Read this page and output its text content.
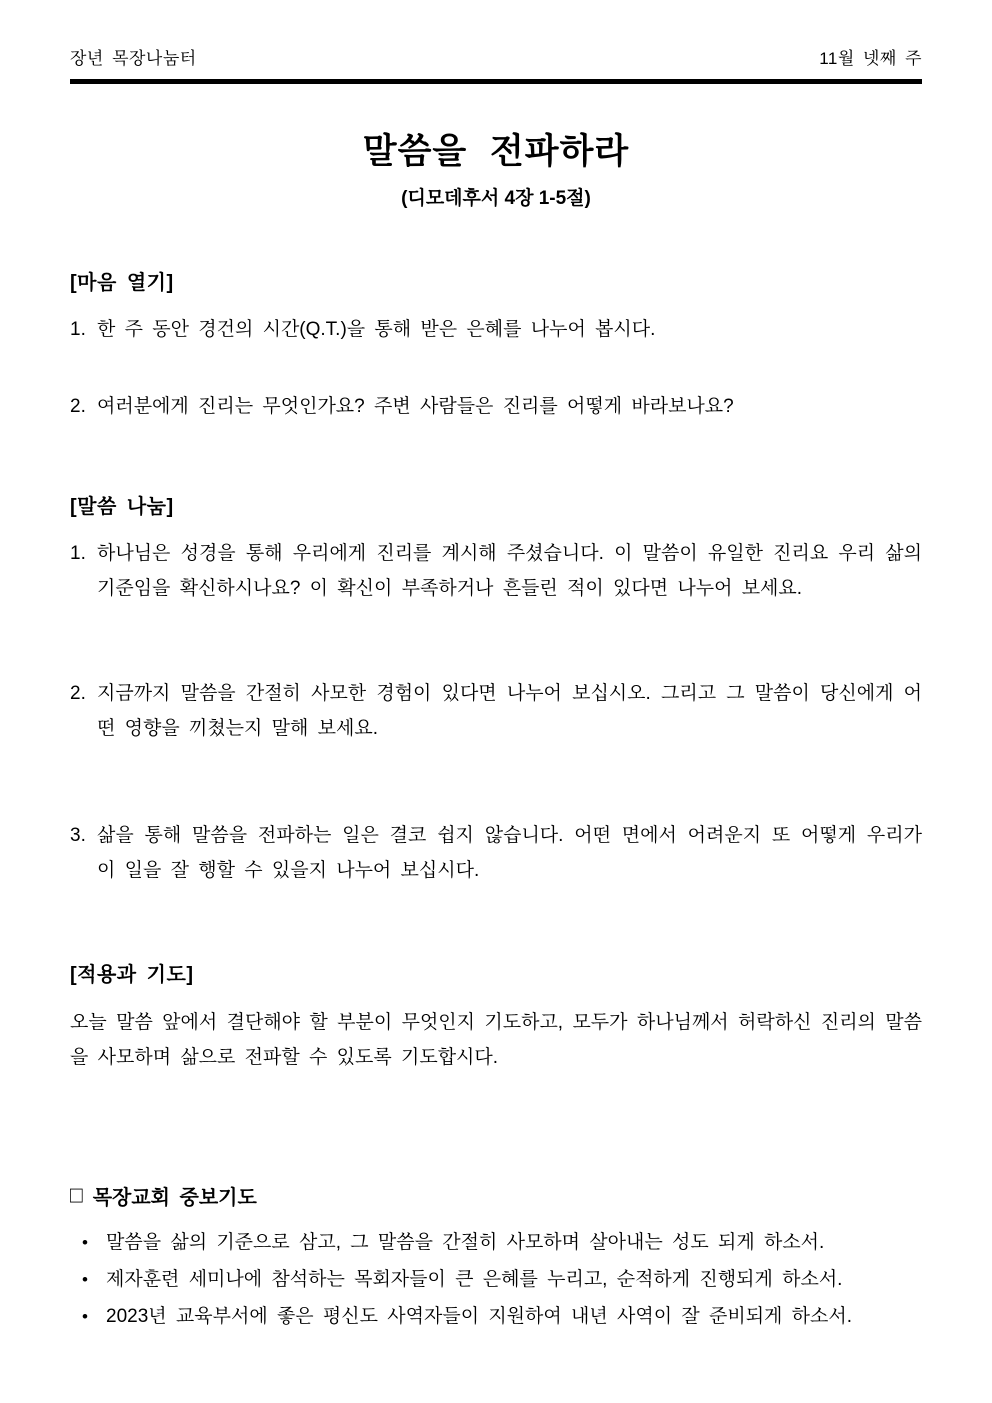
장년 목장나눔터	11월 넷째 주
말씀을 전파하라
(디모데후서 4장 1-5절)
[마음 열기]
1. 한 주 동안 경건의 시간(Q.T.)을 통해 받은 은혜를 나누어 봅시다.
2. 여러분에게 진리는 무엇인가요? 주변 사람들은 진리를 어떻게 바라보나요?
[말씀 나눔]
1. 하나님은 성경을 통해 우리에게 진리를 계시해 주셨습니다. 이 말씀이 유일한 진리요 우리 삶의 기준임을 확신하시나요? 이 확신이 부족하거나 흔들린 적이 있다면 나누어 보세요.
2. 지금까지 말씀을 간절히 사모한 경험이 있다면 나누어 보십시오. 그리고 그 말씀이 당신에게 어떤 영향을 끼쳤는지 말해 보세요.
3. 삶을 통해 말씀을 전파하는 일은 결코 쉽지 않습니다. 어떤 면에서 어려운지 또 어떻게 우리가 이 일을 잘 행할 수 있을지 나누어 보십시다.
[적용과 기도]
오늘 말씀 앞에서 결단해야 할 부분이 무엇인지 기도하고, 모두가 하나님께서 허락하신 진리의 말씀을 사모하며 삶으로 전파할 수 있도록 기도합시다.
□ 목장교회 중보기도
• 말씀을 삶의 기준으로 삼고, 그 말씀을 간절히 사모하며 살아내는 성도 되게 하소서.
• 제자훈련 세미나에 참석하는 목회자들이 큰 은혜를 누리고, 순적하게 진행되게 하소서.
• 2023년 교육부서에 좋은 평신도 사역자들이 지원하여 내년 사역이 잘 준비되게 하소서.
